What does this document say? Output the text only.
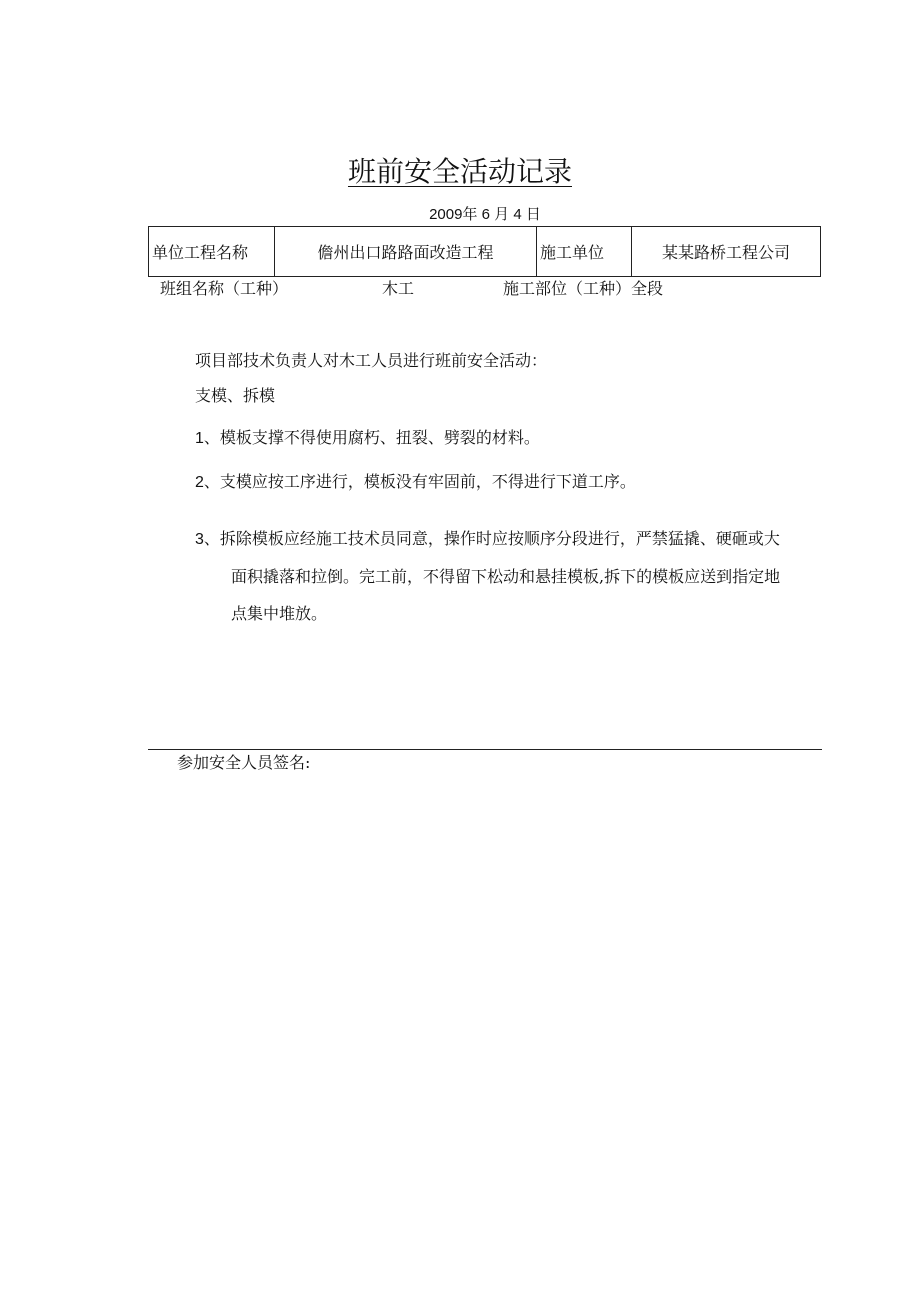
班前安全活动记录
2009年 6 月 4 日
单位工程名称	儋州出口路路面改造工程	施工单位	某某路桥工程公司
班组名称（工种）	木工	施工部位（工种） 全段
项目部技术负责人对木工人员进行班前安全活动：
支模、拆模
1、模板支撑不得使用腐朽、扭裂、劈裂的材料。
2、支模应按工序进行，模板没有牢固前，不得进行下道工序。
3、拆除模板应经施工技术员同意，操作时应按顺序分段进行，严禁猛撬、硬砸或大
面积撬落和拉倒。完工前，不得留下松动和悬挂模板,拆下的模板应送到指定地
点集中堆放。
参加安全人员签名:
